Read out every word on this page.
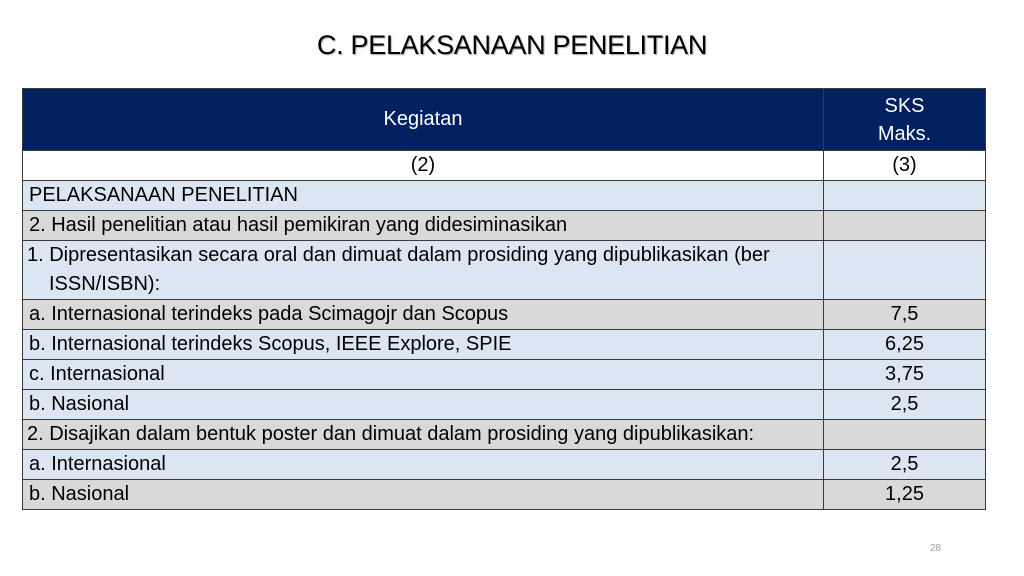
C. PELAKSANAAN PENELITIAN
Kegiatan	SKS
Maks.

(2)	(3)
PELAKSANAAN PENELITIAN	
2. Hasil penelitian atau hasil pemikiran yang didesiminasikan	

1. Dipresentasikan secara oral dan dimuat dalam prosiding yang dipublikasikan (ber ISSN/ISBN):	

a. Internasional terindeks pada Scimagojr dan Scopus	7,5
b. Internasional terindeks Scopus, IEEE Explore, SPIE	6,25
c. Internasional	3,75
b. Nasional	2,5

2. Disajikan dalam bentuk poster dan dimuat dalam prosiding yang dipublikasikan:	

a. Internasional	2,5
b. Nasional	1,25
28
